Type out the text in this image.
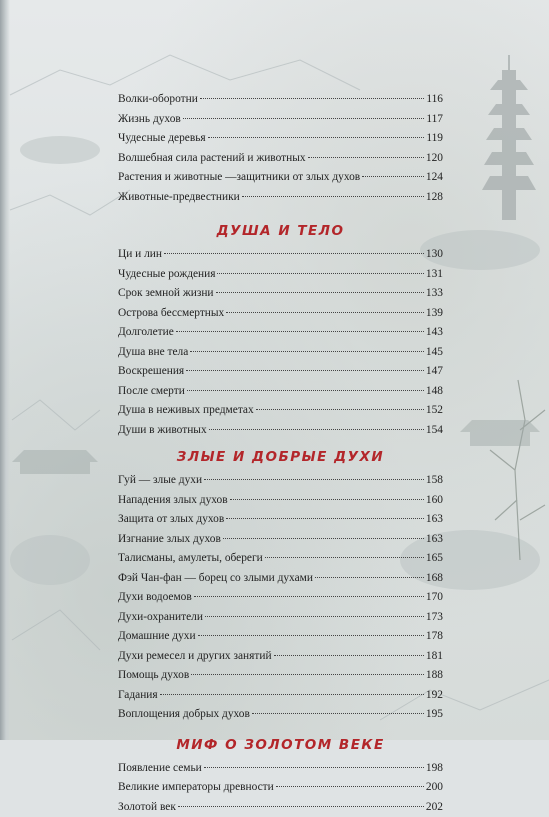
Волки-оборотни	116
Жизнь духов	117
Чудесные деревья	119
Волшебная сила растений и животных	120
Растения и животные —защитники от злых духов	124
Животные-предвестники	128
ДУША И ТЕЛО
Ци и лин	130
Чудесные рождения	131
Срок земной жизни	133
Острова бессмертных	139
Долголетие	143
Душа вне тела	145
Воскрешения	147
После смерти	148
Душа в неживых предметах	152
Души в животных	154
ЗЛЫЕ И ДОБРЫЕ ДУХИ
Гуй — злые духи	158
Нападения злых духов	160
Защита от злых духов	163
Изгнание злых духов	163
Талисманы, амулеты, обереги	165
Фэй Чан-фан — борец со злыми духами	168
Духи водоемов	170
Духи-охранители	173
Домашние духи	178
Духи ремесел и других занятий	181
Помощь духов	188
Гадания	192
Воплощения добрых духов	195
МИФ О ЗОЛОТОМ ВЕКЕ
Появление семьи	198
Великие императоры древности	200
Золотой век	202
